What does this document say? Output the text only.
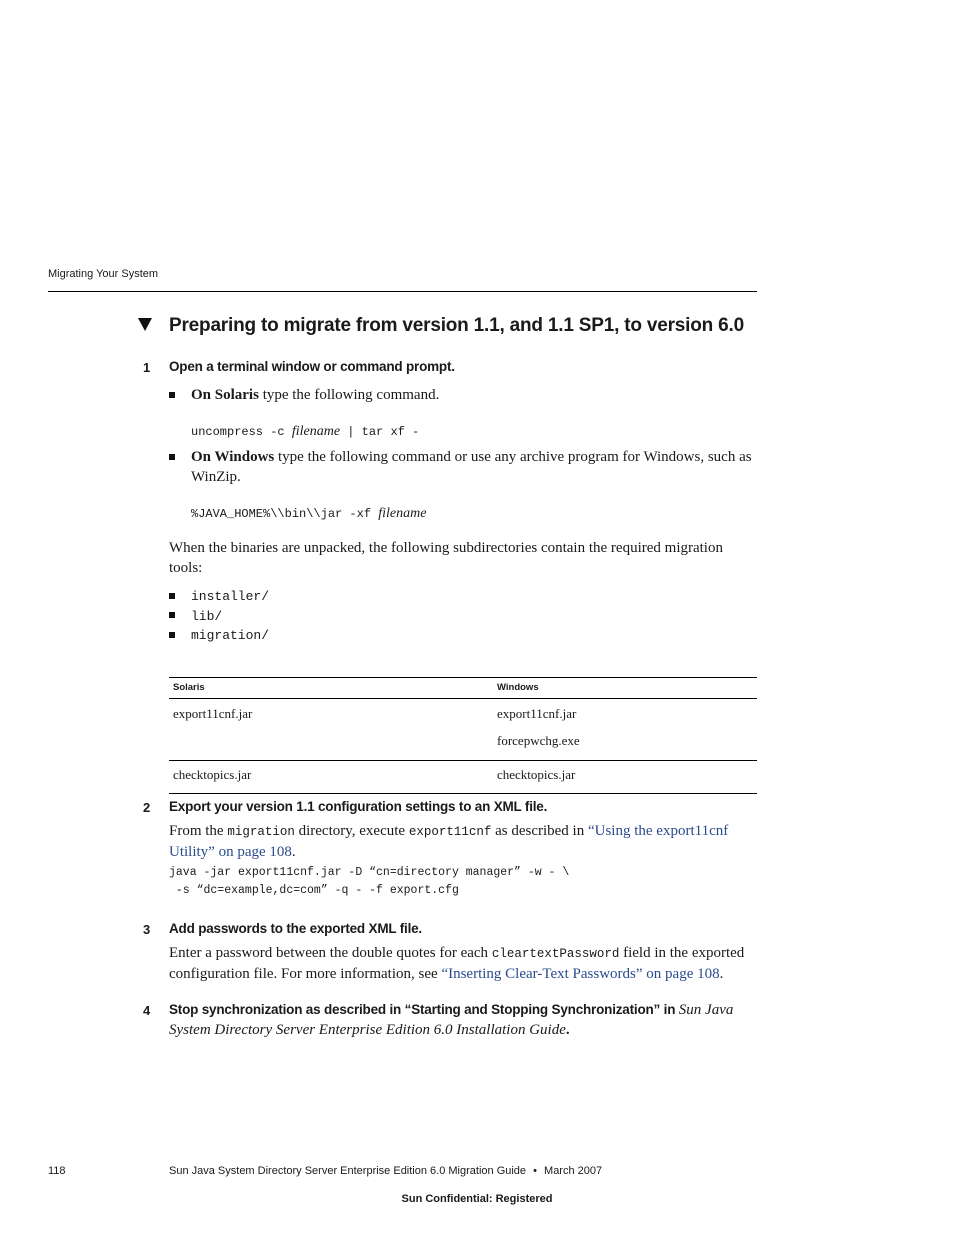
Migrating Your System
Preparing to migrate from version 1.1, and 1.1 SP1, to version 6.0
1 Open a terminal window or command prompt.
On Solaris type the following command.
uncompress -c filename | tar xf -
On Windows type the following command or use any archive program for Windows, such as WinZip.
%JAVA_HOME%\\bin\\jar -xf filename
When the binaries are unpacked, the following subdirectories contain the required migration tools:
installer/
lib/
migration/
Solaris	Windows
export11cnf.jar	export11cnf.jar
	forcepwchg.exe
checktopics.jar	checktopics.jar
2 Export your version 1.1 configuration settings to an XML file.
From the migration directory, execute export11cnf as described in “Using the export11cnf Utility” on page 108.
java -jar export11cnf.jar -D “cn=directory manager” -w - \
-s “dc=example,dc=com” -q - -f export.cfg
3 Add passwords to the exported XML file.
Enter a password between the double quotes for each cleartextPassword field in the exported configuration file. For more information, see “Inserting Clear-Text Passwords” on page 108.
4 Stop synchronization as described in “Starting and Stopping Synchronization” in Sun Java System Directory Server Enterprise Edition 6.0 Installation Guide.
118	Sun Java System Directory Server Enterprise Edition 6.0 Migration Guide • March 2007
Sun Confidential: Registered
